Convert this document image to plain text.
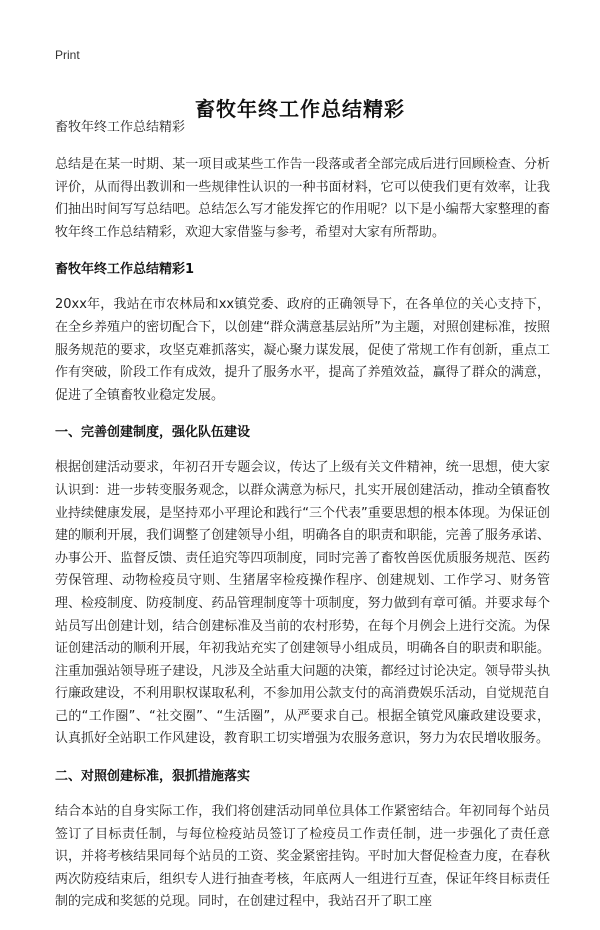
Print
畜牧年终工作总结精彩
畜牧年终工作总结精彩

总结是在某一时期、某一项目或某些工作告一段落或者全部完成后进行回顾检查、分析评价，从而得出教训和一些规律性认识的一种书面材料，它可以使我们更有效率，让我们抽出时间写写总结吧。总结怎么写才能发挥它的作用呢？以下是小编帮大家整理的畜牧年终工作总结精彩，欢迎大家借鉴与参考，希望对大家有所帮助。

畜牧年终工作总结精彩1

20xx年，我站在市农林局和xx镇党委、政府的正确领导下，在各单位的关心支持下，在全乡养殖户的密切配合下，以创建“群众满意基层站所”为主题，对照创建标准，按照服务规范的要求，攻坚克难抓落实，凝心聚力谋发展，促使了常规工作有创新，重点工作有突破，阶段工作有成效，提升了服务水平，提高了养殖效益，赢得了群众的满意，促进了全镇畜牧业稳定发展。

一、完善创建制度，强化队伍建设

根据创建活动要求，年初召开专题会议，传达了上级有关文件精神，统一思想，使大家认识到：进一步转变服务观念，以群众满意为标尺，扎实开展创建活动，推动全镇畜牧业持续健康发展，是坚持邓小平理论和践行“三个代表”重要思想的根本体现。为保证创建的顺利开展，我们调整了创建领导小组，明确各自的职责和职能，完善了服务承诺、办事公开、监督反馈、责任追究等四项制度，同时完善了畜牧兽医优质服务规范、医药劳保管理、动物检疫员守则、生猪屠宰检疫操作程序、创建规划、工作学习、财务管理、检疫制度、防疫制度、药品管理制度等十项制度，努力做到有章可循。并要求每个站员写出创建计划，结合创建标准及当前的农村形势，在每个月例会上进行交流。为保证创建活动的顺利开展，年初我站充实了创建领导小组成员，明确各自的职责和职能。注重加强站领导班子建设，凡涉及全站重大问题的决策，都经过讨论决定。领导带头执行廉政建设，不利用职权谋取私利，不参加用公款支付的高消费娱乐活动，自觉规范自己的“工作圈”、“社交圈”、“生活圈”，从严要求自己。根据全镇党风廉政建设要求，认真抓好全站职工作风建设，教育职工切实增强为农服务意识，努力为农民增收服务。

二、对照创建标准，狠抓措施落实

结合本站的自身实际工作，我们将创建活动同单位具体工作紧密结合。年初同每个站员签订了目标责任制，与每位检疫站员签订了检疫员工作责任制，进一步强化了责任意识，并将考核结果同每个站员的工资、奖金紧密挂钩。平时加大督促检查力度，在春秋两次防疫结束后，组织专人进行抽查考核，年底两人一组进行互查，保证年终目标责任制的完成和奖惩的兑现。同时，在创建过程中，我站召开了职工座
